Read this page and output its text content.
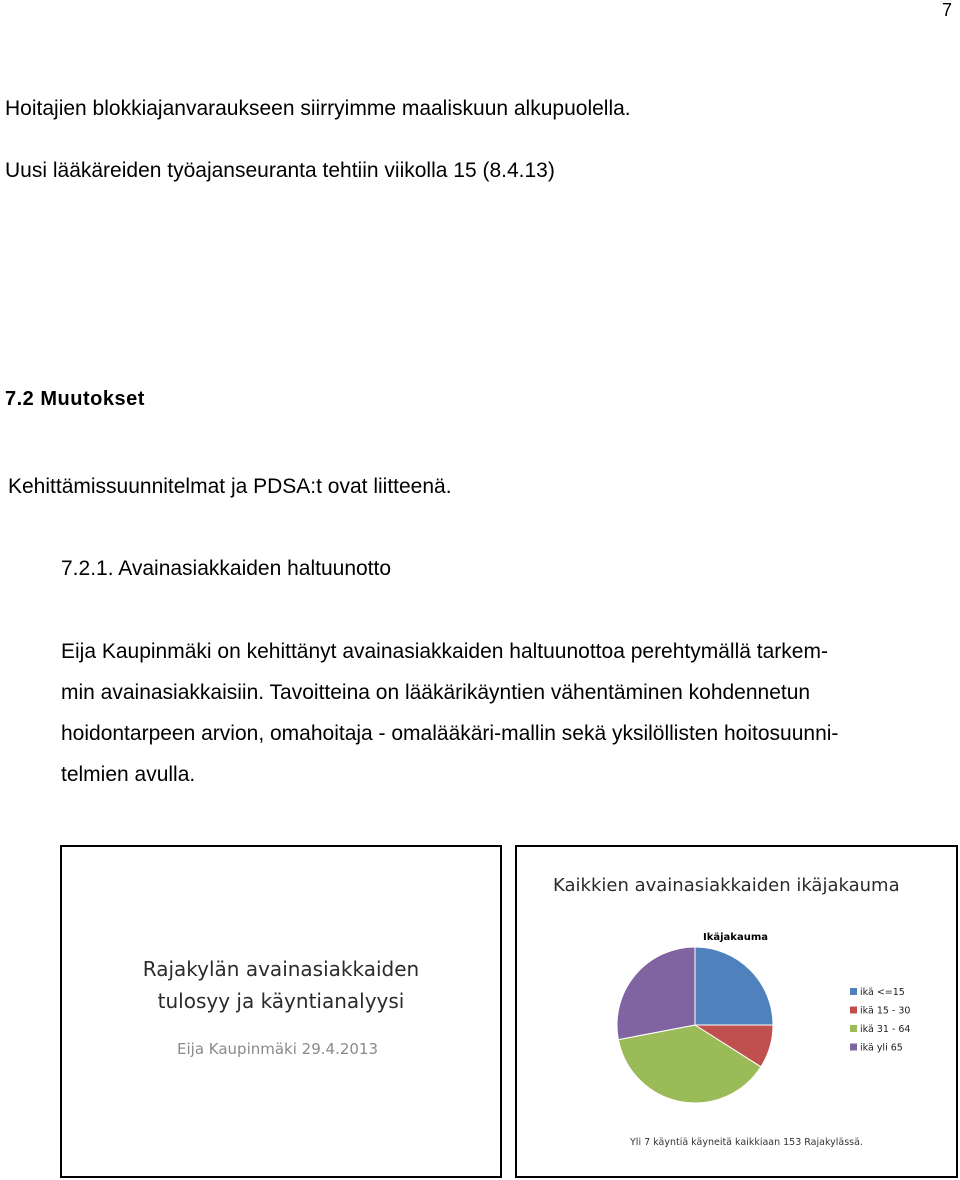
7
Hoitajien blokkiajanvaraukseen siirryimme maaliskuun alkupuolella.
Uusi lääkäreiden työajanseuranta tehtiin viikolla 15 (8.4.13)
7.2 Muutokset
Kehittämissuunnitelmat ja PDSA:t ovat liitteenä.
7.2.1. Avainasiakkaiden haltuunotto
Eija Kaupinmäki on kehittänyt avainasiakkaiden haltuunottoa perehtymällä tarkem-
min avainasiakkaisiin. Tavoitteina on lääkärikäyntien vähentäminen kohdennetun
hoidontarpeen arvion, omahoitaja - omalääkäri-mallin sekä yksilöllisten hoitosuunni-
telmien avulla.
Rajakylän avainasiakkaiden
tulosyy ja käyntianalyysi
Eija Kaupinmäki 29.4.2013
Kaikkien avainasiakkaiden ikäjakauma
Ikäjakauma
ikä <=15
ikä 15 - 30
ikä 31 - 64
ikä yli 65
Yli 7 käyntiä käyneitä kaikkiaan 153 Rajakylässä.
